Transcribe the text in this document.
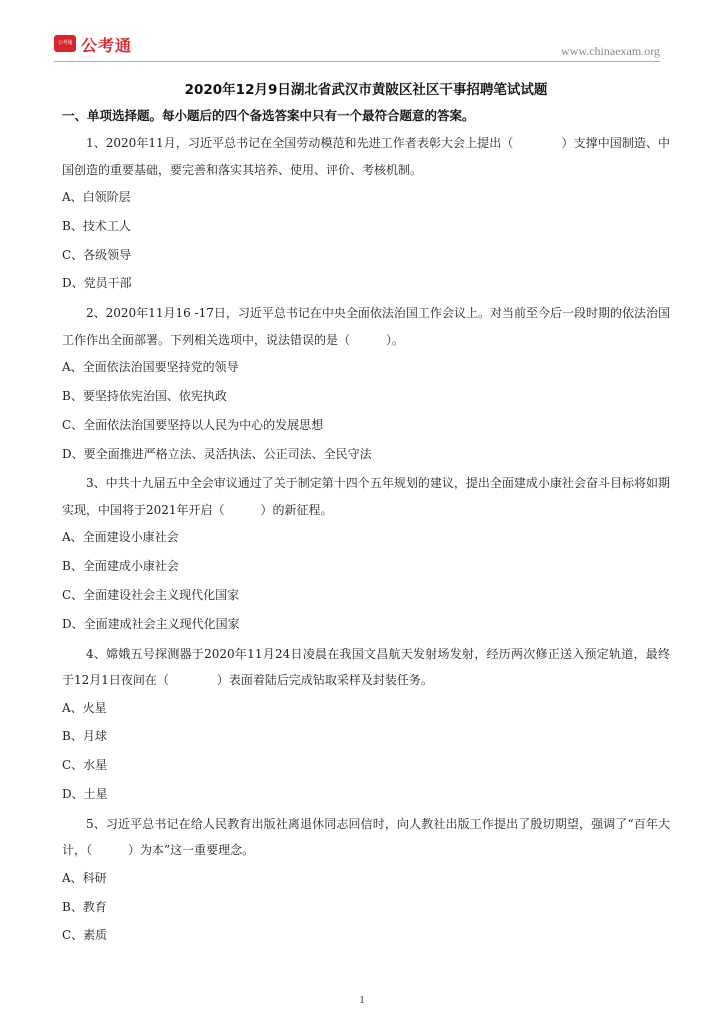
公考通 公考通	www.chinaexam.org
2020年12月9日湖北省武汉市黄陂区社区干事招聘笔试试题
一、单项选择题。每小题后的四个备选答案中只有一个最符合题意的答案。

1、2020年11月，习近平总书记在全国劳动模范和先进工作者表彰大会上提出（　　　　）支撑中国制造、中国创造的重要基础，要完善和落实其培养、使用、评价、考核机制。

A、白领阶层
B、技术工人
C、各级领导
D、党员干部

2、2020年11月16 -17日，习近平总书记在中央全面依法治国工作会议上。对当前至今后一段时期的依法治国工作作出全面部署。下列相关选项中，说法错误的是（　　　）。

A、全面依法治国要坚持党的领导
B、要坚持依宪治国、依宪执政
C、全面依法治国要坚持以人民为中心的发展思想
D、要全面推进严格立法、灵活执法、公正司法、全民守法

3、中共十九届五中全会审议通过了关于制定第十四个五年规划的建议，提出全面建成小康社会奋斗目标将如期实现，中国将于2021年开启（　　　）的新征程。

A、全面建设小康社会
B、全面建成小康社会
C、全面建设社会主义现代化国家
D、全面建成社会主义现代化国家

4、嫦娥五号探测器于2020年11月24日凌晨在我国文昌航天发射场发射，经历两次修正送入预定轨道，最终于12月1日夜间在（　　　　）表面着陆后完成钻取采样及封装任务。

A、火星
B、月球
C、水星
D、土星

5、习近平总书记在给人民教育出版社离退休同志回信时，向人教社出版工作提出了殷切期望，强调了“百年大计，（　　　）为本”这一重要理念。

A、科研
B、教育
C、素质
1
